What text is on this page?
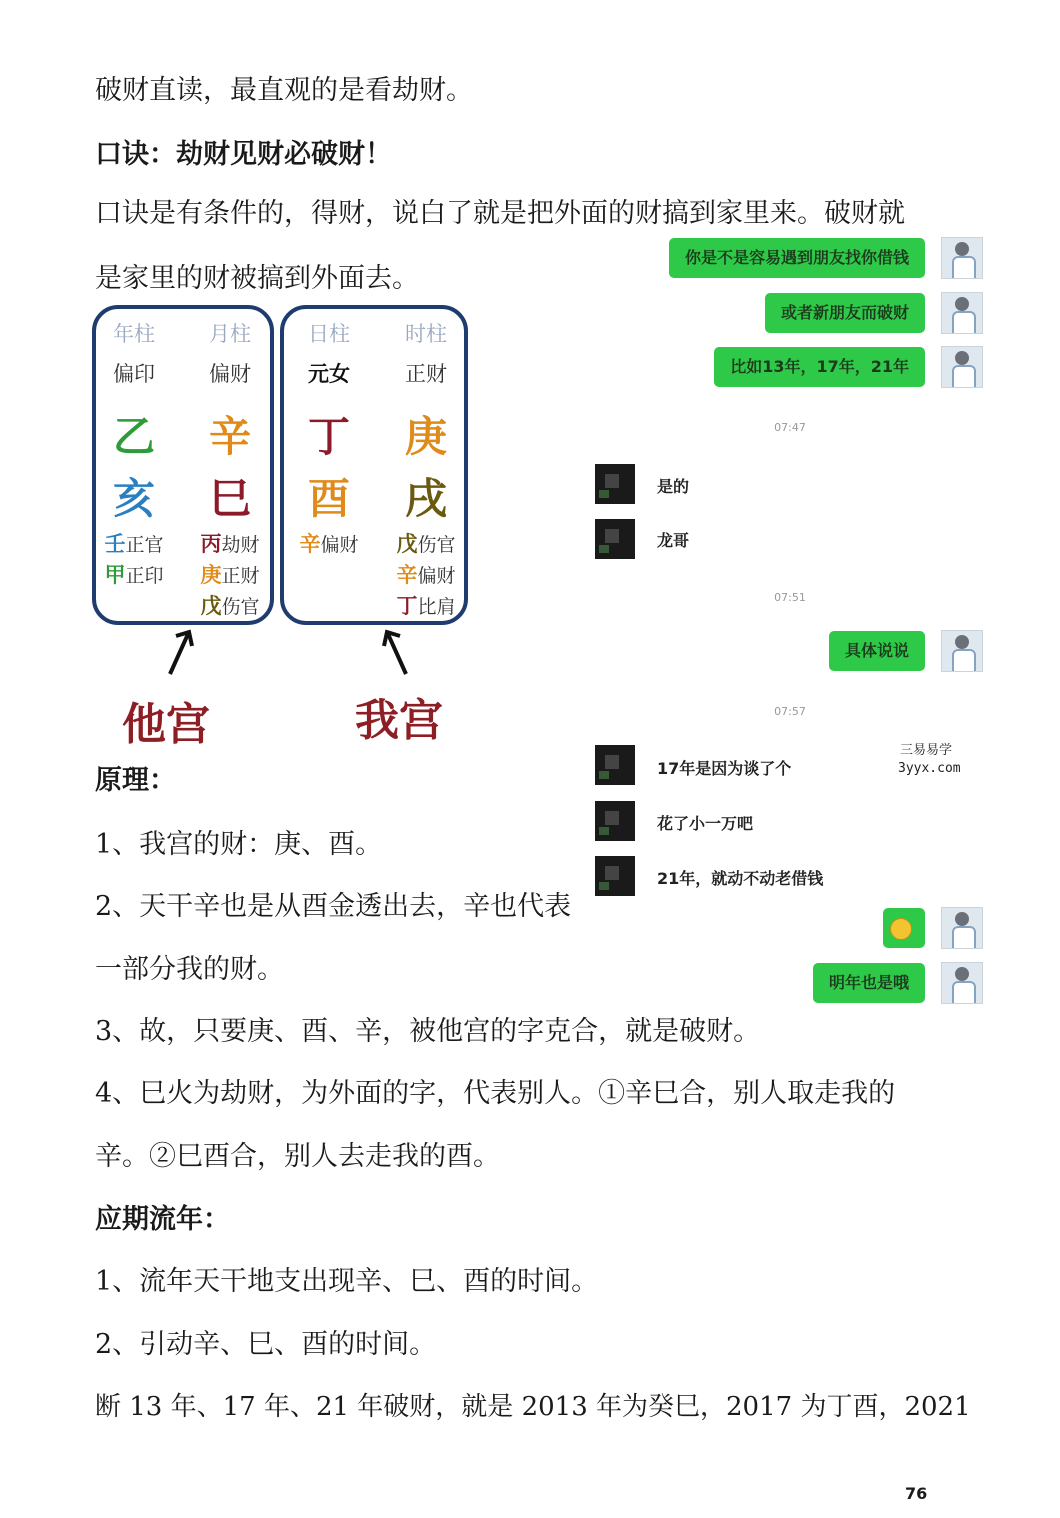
破财直读，最直观的是看劫财。
口诀：劫财见财必破财！
口诀是有条件的，得财，说白了就是把外面的财搞到家里来。破财就
是家里的财被搞到外面去。
年柱
偏印
乙
亥
壬正官
甲正印
月柱
偏财
辛
巳
丙劫财
庚正财
戊伤官
日柱
元女
丁
酉
辛偏财
时柱
正财
庚
戌
戊伤官
辛偏财
丁比肩
他宫	我宫
你是不是容易遇到朋友找你借钱
或者新朋友而破财
比如13年，17年，21年
07:47
是的
龙哥
07:51
具体说说
07:57
17年是因为谈了个
花了小一万吧
21年，就动不动老借钱
明年也是哦
三易易学
3yyx.com
原理：
1、我宫的财：庚、酉。
2、天干辛也是从酉金透出去，辛也代表
一部分我的财。
3、故，只要庚、酉、辛，被他宫的字克合，就是破财。
4、巳火为劫财，为外面的字，代表别人。①辛巳合，别人取走我的
辛。②巳酉合，别人去走我的酉。
应期流年：
1、流年天干地支出现辛、巳、酉的时间。
2、引动辛、巳、酉的时间。
断 13 年、17 年、21 年破财，就是 2013 年为癸巳，2017 为丁酉，2021
76
